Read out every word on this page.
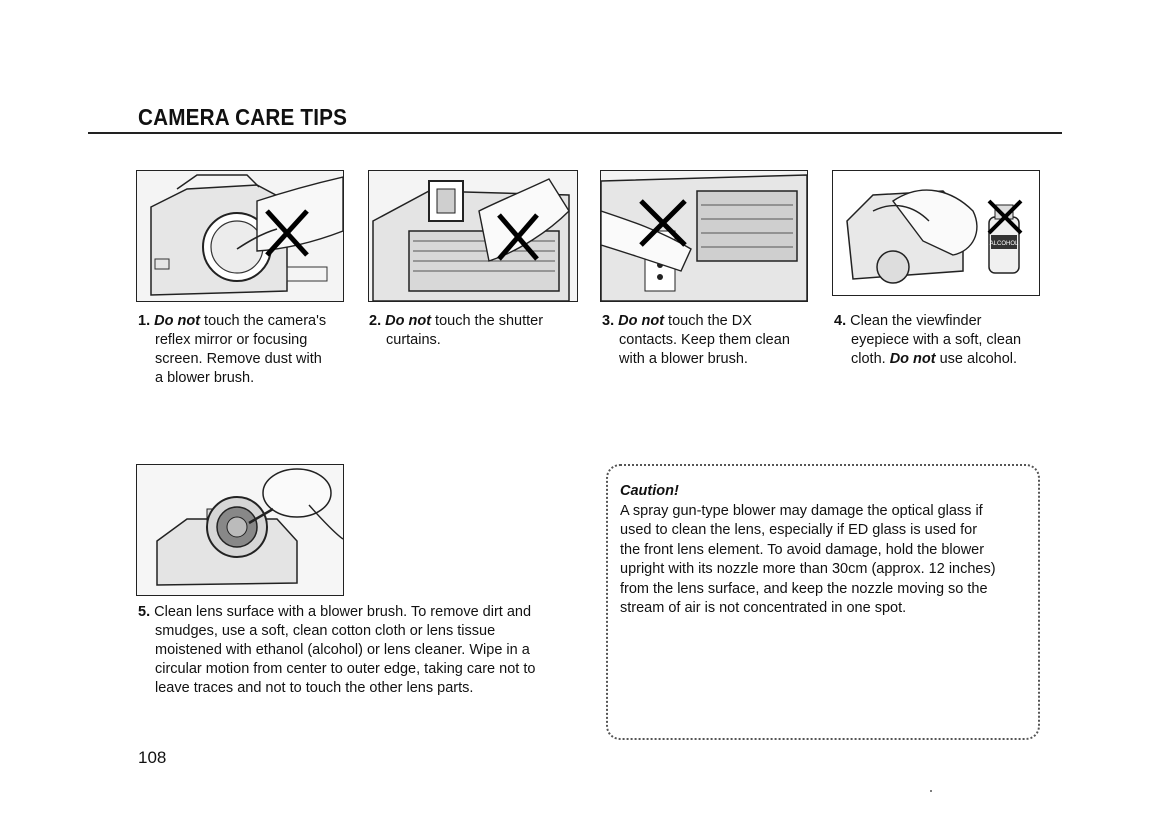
CAMERA CARE TIPS
ALCOHOL
1. Do not touch the camera's
reflex mirror or focusing
screen. Remove dust with
a blower brush.
2. Do not touch the shutter
curtains.
3. Do not touch the DX
contacts. Keep them clean
with a blower brush.
4. Clean the viewfinder
eyepiece with a soft, clean
cloth. Do not use alcohol.
5. Clean lens surface with a blower brush. To remove dirt and
smudges, use a soft, clean cotton cloth or lens tissue
moistened with ethanol (alcohol) or lens cleaner. Wipe in a
circular motion from center to outer edge, taking care not to
leave traces and not to touch the other lens parts.
Caution!
A spray gun-type blower may damage the optical glass if
used to clean the lens, especially if ED glass is used for
the front lens element. To avoid damage, hold the blower
upright with its nozzle more than 30cm (approx. 12 inches)
from the lens surface, and keep the nozzle moving so the
stream of air is not concentrated in one spot.
108
